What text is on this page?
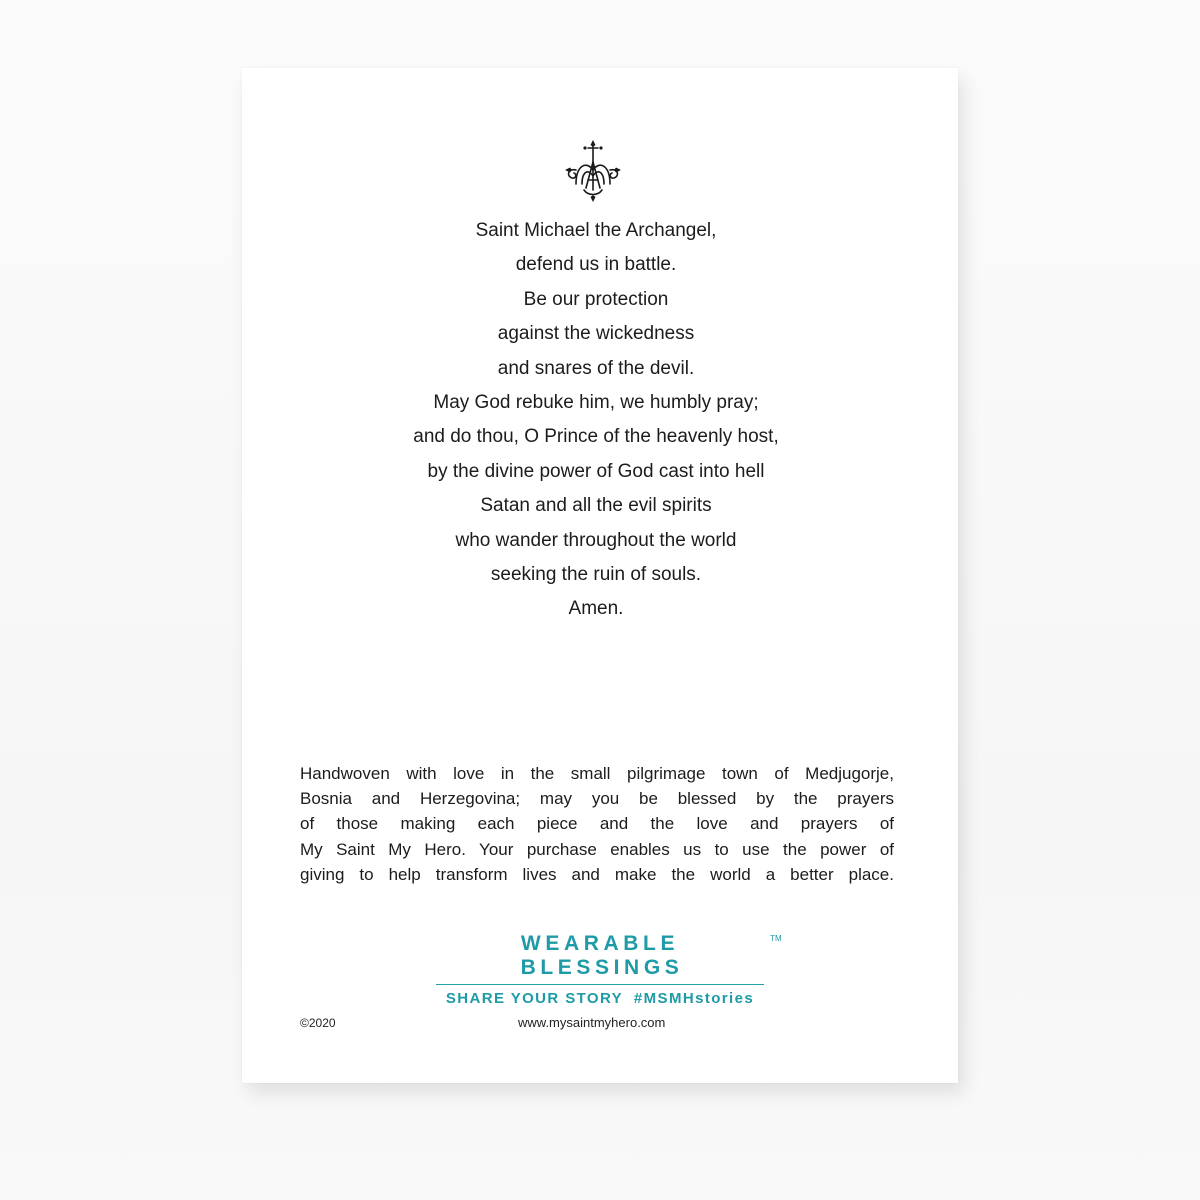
Saint Michael the Archangel,
defend us in battle.
Be our protection
against the wickedness
and snares of the devil.
May God rebuke him, we humbly pray;
and do thou, O Prince of the heavenly host,
by the divine power of God cast into hell
Satan and all the evil spirits
who wander throughout the world
seeking the ruin of souls.
Amen.
Handwoven with love in the small pilgrimage town of Medjugorje,
Bosnia and Herzegovina; may you be blessed by the prayers
of those making each piece and the love and prayers of
My Saint My Hero. Your purchase enables us to use the power of
giving to help transform lives and make the world a better place.
WEARABLE BLESSINGS
TM
SHARE YOUR STORY  #MSMHstories
©2020	www.mysaintmyhero.com
